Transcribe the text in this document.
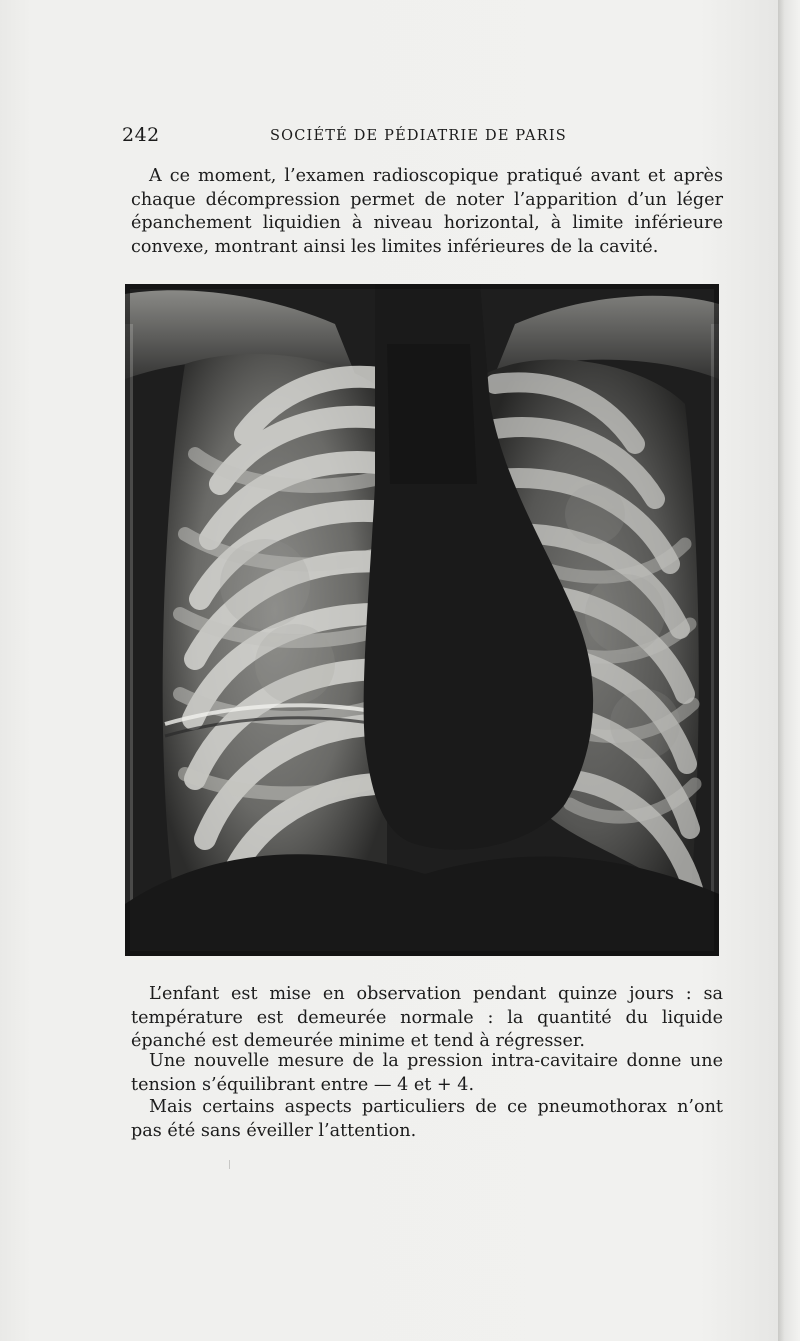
242	SOCIÉTÉ DE PÉDIATRIE DE PARIS

A ce moment, l’examen radioscopique pratiqué avant et après chaque décompression permet de noter l’apparition d’un léger épanchement liquidien à niveau horizontal, à limite inférieure convexe, montrant ainsi les limites inférieures de la cavité.

L’enfant est mise en observation pendant quinze jours : sa température est demeurée normale : la quantité du liquide épanché est demeurée minime et tend à régresser.

Une nouvelle mesure de la pression intra-cavitaire donne une tension s’équilibrant entre — 4 et + 4.

Mais certains aspects particuliers de ce pneumothorax n’ont pas été sans éveiller l’attention.
